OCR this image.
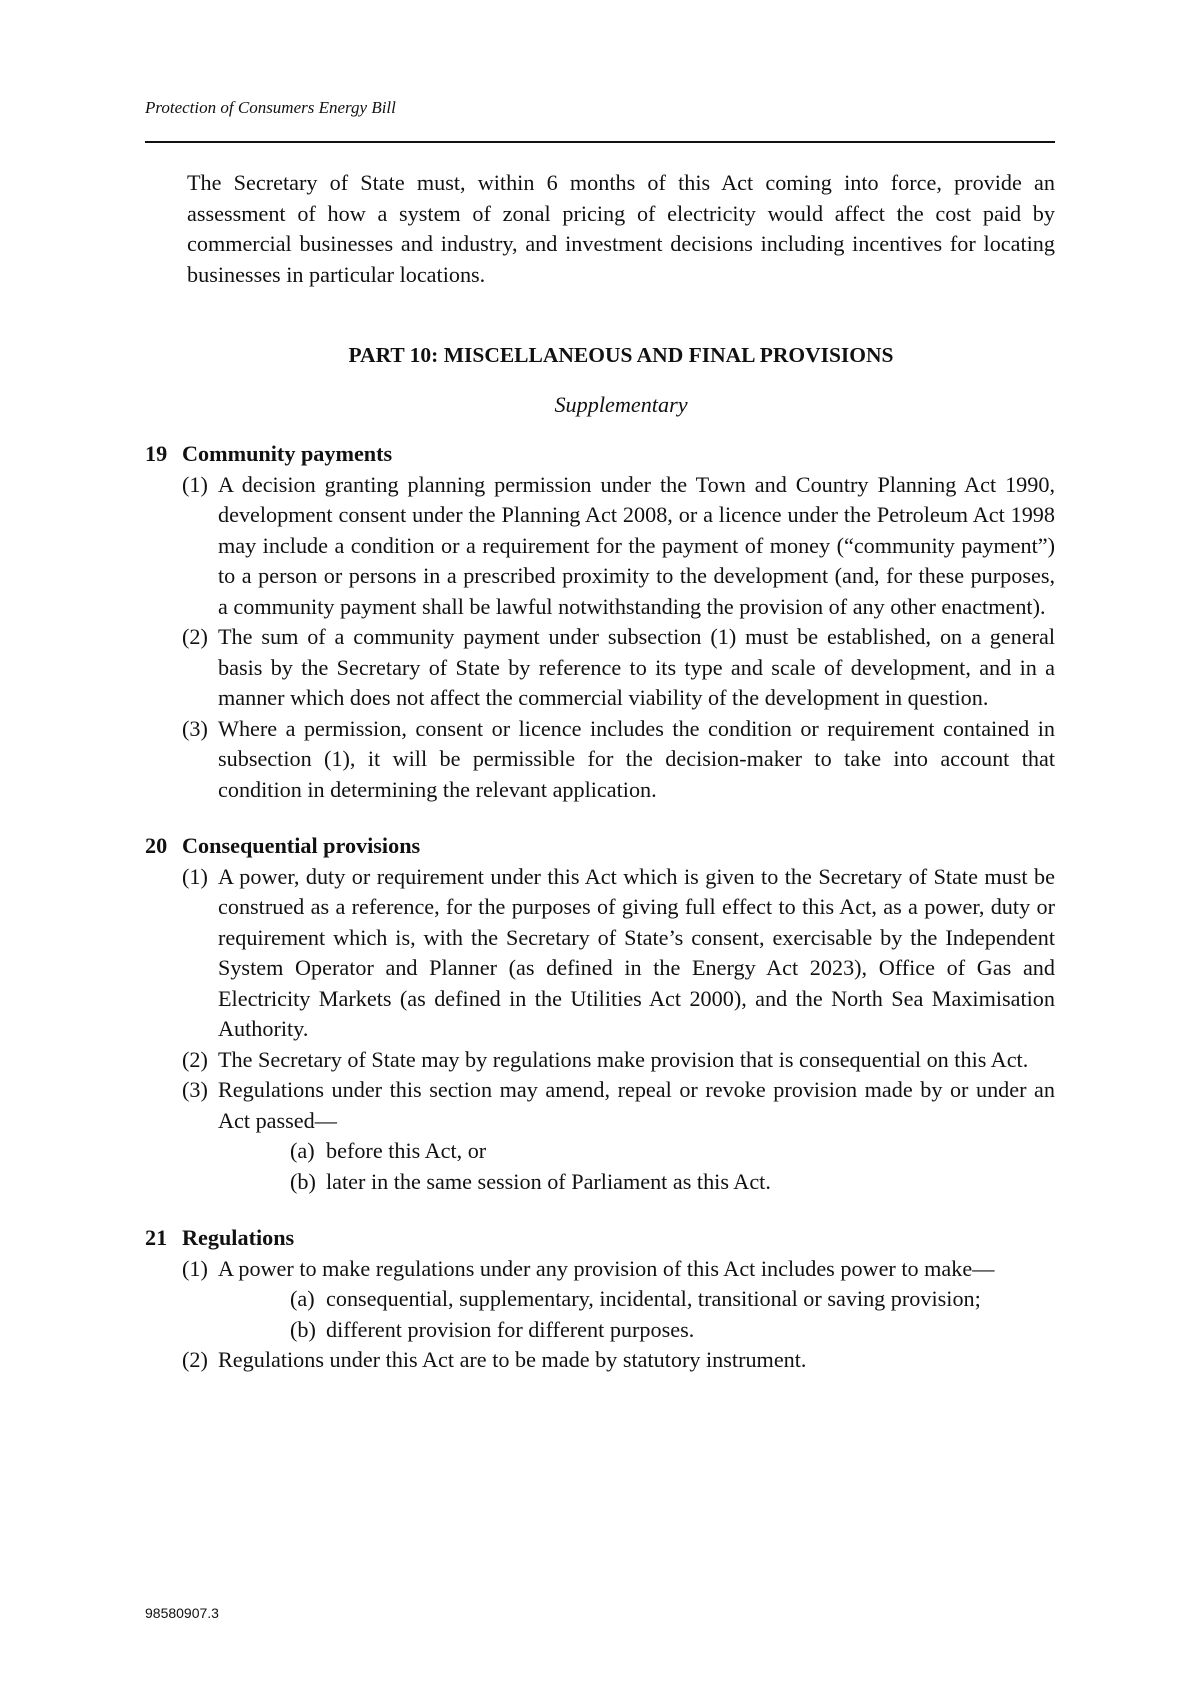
Protection of Consumers Energy Bill

The Secretary of State must, within 6 months of this Act coming into force, provide an assessment of how a system of zonal pricing of electricity would affect the cost paid by commercial businesses and industry, and investment decisions including incentives for locating businesses in particular locations.

PART 10: MISCELLANEOUS AND FINAL PROVISIONS
Supplementary
19 Community payments
(1) A decision granting planning permission under the Town and Country Planning Act 1990, development consent under the Planning Act 2008, or a licence under the Petroleum Act 1998 may include a condition or a requirement for the payment of money (“community payment”) to a person or persons in a prescribed proximity to the development (and, for these purposes, a community payment shall be lawful notwithstanding the provision of any other enactment).
(2) The sum of a community payment under subsection (1) must be established, on a general basis by the Secretary of State by reference to its type and scale of development, and in a manner which does not affect the commercial viability of the development in question.
(3) Where a permission, consent or licence includes the condition or requirement contained in subsection (1), it will be permissible for the decision-maker to take into account that condition in determining the relevant application.
20 Consequential provisions
(1) A power, duty or requirement under this Act which is given to the Secretary of State must be construed as a reference, for the purposes of giving full effect to this Act, as a power, duty or requirement which is, with the Secretary of State’s consent, exercisable by the Independent System Operator and Planner (as defined in the Energy Act 2023), Office of Gas and Electricity Markets (as defined in the Utilities Act 2000), and the North Sea Maximisation Authority.
(2) The Secretary of State may by regulations make provision that is consequential on this Act.
(3) Regulations under this section may amend, repeal or revoke provision made by or under an Act passed—
(a) before this Act, or
(b) later in the same session of Parliament as this Act.
21 Regulations
(1) A power to make regulations under any provision of this Act includes power to make—
(a) consequential, supplementary, incidental, transitional or saving provision;
(b) different provision for different purposes.
(2) Regulations under this Act are to be made by statutory instrument.
98580907.3
